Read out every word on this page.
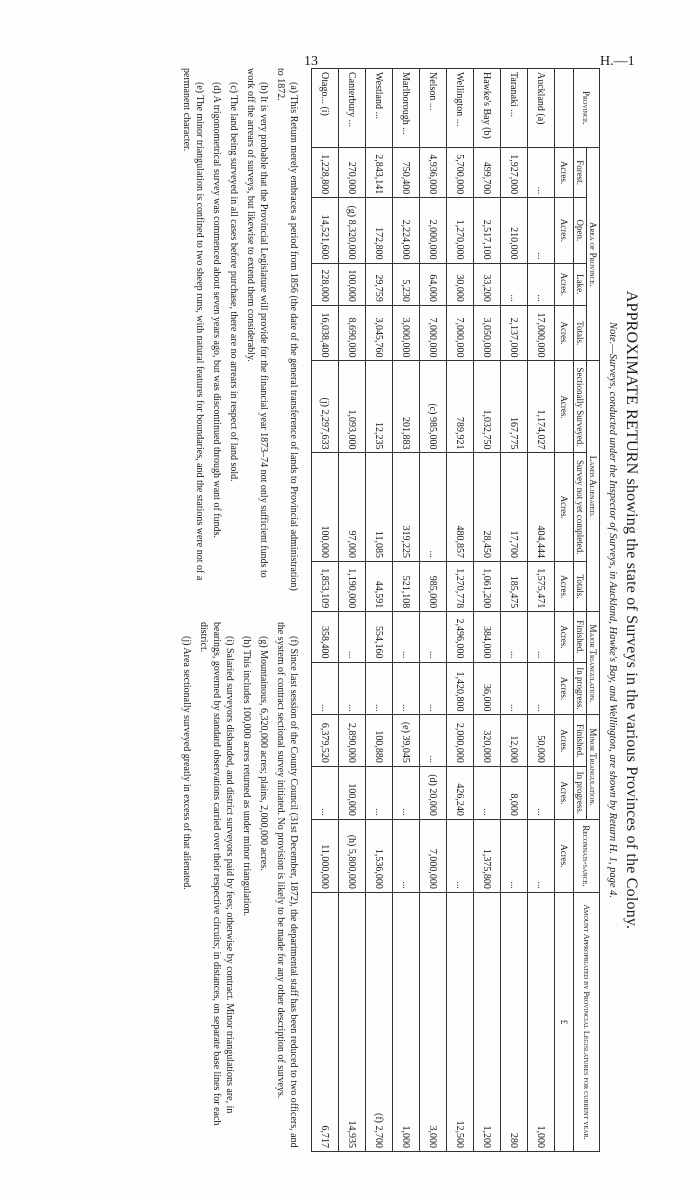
13	H.—1
APPROXIMATE RETURN showing the state of Surveys in the various Provinces of the Colony.
Note.—Surveys, conducted under the Inspector of Surveys, in Auckland, Hawke's Bay, and Wellington, are shown by Return H. 1, page 4.
Province.	Area of Province.				Lands Alienated.			Major Triangulation.		Minor Triangulation.		Reconnais-sance.	Amount Appropriated by Provincial Legislatures for current year.
	Forest.	Open.	Lake.	Totals.	Sectionally Surveyed.	Survey not yet completed.	Totals.	Finished.	In progress.	Finished.	In progress.		
	Acres.	Acres.	Acres.	Acres.	Acres.	Acres.	Acres.	Acres.	Acres.	Acres.	Acres.	Acres.	£
Auckland (a)	...	...	...	17,000,000	1,174,027	404,444	1,575,471	...	...	50,000	...	...	1,000
Taranaki ...	1,927,000	210,000	...	2,137,000	167,775	17,700	185,475	...	...	12,000	8,000	...	280
Hawke's Bay (b)	499,700	2,517,100	33,200	3,050,000	1,032,750	28,450	1,061,200	384,000	36,000	320,000	...	1,375,800	1,200
Wellington ...	5,700,000	1,270,000	30,000	7,000,000	789,921	480,857	1,270,778	2,496,000	1,420,800	2,000,000	426,240	...	12,500
Nelson ...	4,936,000	2,000,000	64,000	7,000,000	(c) 985,000	...	985,000	...	...	...	(d) 20,000	7,000,000	3,000
Marlborough ...	750,400	2,224,000	5,230	3,000,000	201,883	319,225	521,108	...	...	(e) 39,045	...	...	1,000
Westland ...	2,843,141	172,800	29,759	3,045,760	12,235	11,085	44,591	554,160	...	100,880	...	1,536,000	(f) 2,700
Canterbury ...	270,000	(g) 8,320,000	100,000	8,690,000	1,093,000	97,000	1,190,000	...	...	2,890,000	100,000	(h) 5,800,000	14,935
Otago... (i)	1,228,800	14,521,600	228,000	16,038,400	(j) 2,297,633	100,000	1,853,109	358,400	...	6,379,520	...	11,000,000	6,717

(a) This Return merely embraces a period from 1856 (the date of the general transference of lands to Provincial administration) to 1872.

(b) It is very probable that the Provincial Legislature will provide for the financial year 1873–74 not only sufficient funds to work off the arrears of surveys, but likewise to extend them considerably.

(c) The land being surveyed in all cases before purchase, there are no arrears in respect of land sold.

(d) A trigonometrical survey was commenced about seven years ago, but was discontinued through want of funds.

(e) The minor triangulation is confined to two sheep runs, with natural features for boundaries, and the stations were not of a permanent character.

(f) Since last session of the County Council (31st December, 1872), the departmental staff has been reduced to two officers, and the system of contract sectional survey initiated. No provision is likely to be made for any other description of surveys.

(g) Mountainous, 6,320,000 acres; plains, 2,000,000 acres.

(h) This includes 100,000 acres returned as under minor triangulation.

(i) Salaried surveyors disbanded, and district surveyors paid by fees; otherwise by contract. Minor triangulations are, in bearings, governed by standard observations carried over their respective circuits; in distances, on separate base lines for each district.

(j) Area sectionally surveyed greatly in excess of that alienated.
